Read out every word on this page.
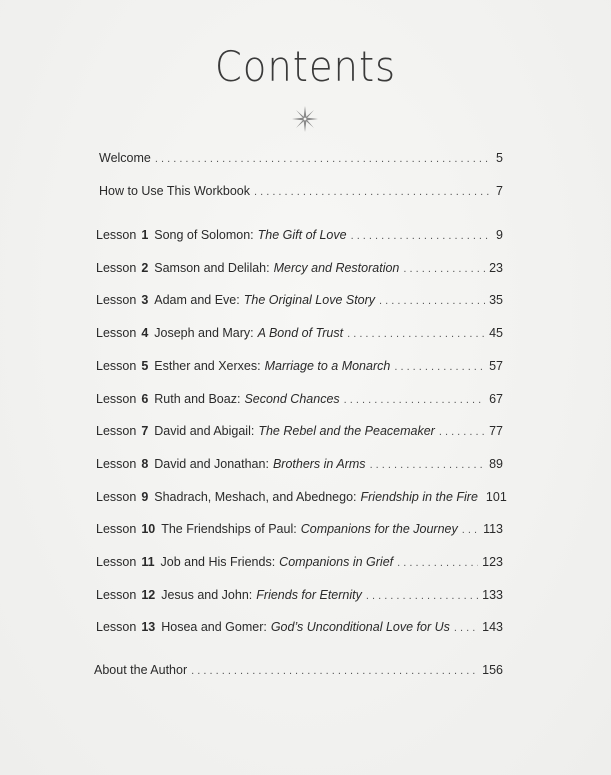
Contents
Welcome . . .	5
How to Use This Workbook . . .	7
Lesson 1 Song of Solomon: The Gift of Love . . .	9
Lesson 2 Samson and Delilah: Mercy and Restoration . . .	23
Lesson 3 Adam and Eve: The Original Love Story . . .	35
Lesson 4 Joseph and Mary: A Bond of Trust . . .	45
Lesson 5 Esther and Xerxes: Marriage to a Monarch . . .	57
Lesson 6 Ruth and Boaz: Second Chances . . .	67
Lesson 7 David and Abigail: The Rebel and the Peacemaker . . .	77
Lesson 8 David and Jonathan: Brothers in Arms . . .	89
Lesson 9 Shadrach, Meshach, and Abednego: Friendship in the Fire 101
Lesson 10 The Friendships of Paul: Companions for the Journey . . . 113
Lesson 11 Job and His Friends: Companions in Grief . . .	123
Lesson 12 Jesus and John: Friends for Eternity . . .	133
Lesson 13 Hosea and Gomer: God’s Unconditional Love for Us . . .	143
About the Author . . .	156
